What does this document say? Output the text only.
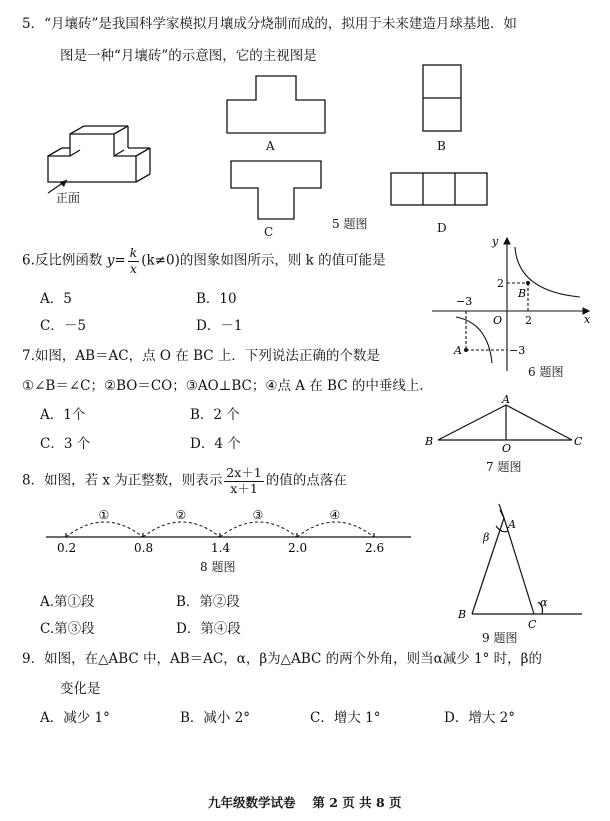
5．“月壤砖”是我国科学家模拟月壤成分烧制而成的，拟用于未来建造月球基地．如
图是一种“月壤砖”的示意图，它的主视图是
正面
A	B
C	D
5 题图
6.反比例函数 $y= \frac{k}{x} (k\ne 0)$的图象如图所示，则 k 的值可能是
A．5	B．10
C．－5	D．－1
y
x
O
2
2
−3
−3
B
A
6 题图
7.如图，AB＝AC，点 O 在 BC 上．下列说法正确的个数是
①∠B＝∠C；②BO＝CO；③AO⊥BC；④点 A 在 BC 的中垂线上．
A．1个	B．2 个
C．3 个	D．4 个
A
B	C
O
7 题图
8．如图，若 x 为正整数，则表示 $\frac{2x+1}{x+1}$ 的值的点落在
0.2	0.8	1.4	2.0	2.6
①	②	③	④
8 题图
A.第①段	B．第②段
C.第③段	D．第④段
A
B
C
α
β
9 题图
9．如图，在△ABC 中，AB＝AC，α，β为△ABC 的两个外角，则当α减少 1° 时，β的
变化是
A．减少 1°	B．减小 2°	C．增大 1°	D．增大 2°
九年级数学试卷　 第 2 页 共 8 页
